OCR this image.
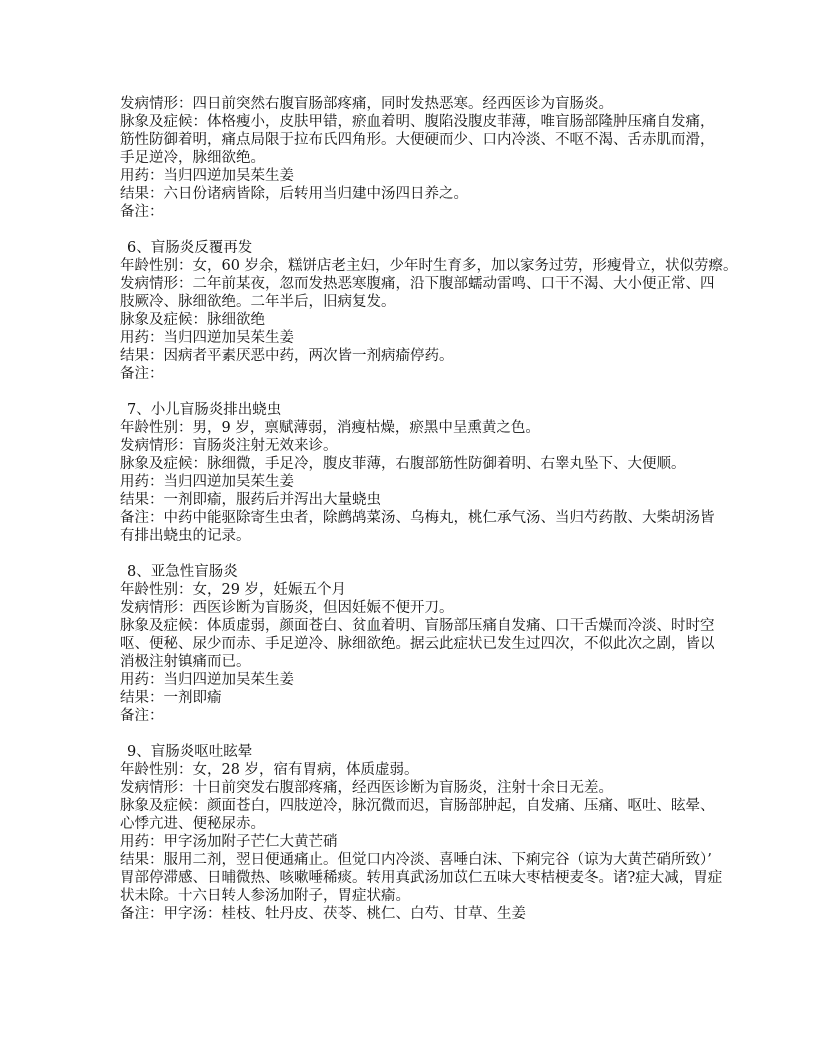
发病情形：四日前突然右腹盲肠部疼痛，同时发热恶寒。经西医诊为盲肠炎。
脉象及症候：体格瘦小，皮肤甲错，瘀血着明、腹陷没腹皮菲薄，唯盲肠部隆肿压痛自发痛，
筋性防御着明，痛点局限于拉布氏四角形。大便硬而少、口内冷淡、不呕不渴、舌赤肌而滑，
手足逆冷，脉细欲绝。
用药：当归四逆加吴茱生姜
结果：六日份诸病皆除，后转用当归建中汤四日养之。
备注：
6、盲肠炎反覆再发
年龄性别：女，60 岁余，糕饼店老主妇，少年时生育多，加以家务过劳，形瘦骨立，状似劳瘵。
发病情形：二年前某夜，忽而发热恶寒腹痛，沿下腹部蠕动雷鸣、口干不渴、大小便正常、四
肢厥冷、脉细欲绝。二年半后，旧病复发。
脉象及症候：脉细欲绝
用药：当归四逆加吴茱生姜
结果：因病者平素厌恶中药，两次皆一剂病瘉停药。
备注：
7、小儿盲肠炎排出蛲虫
年龄性别：男，9 岁，禀赋薄弱，消瘦枯燥，瘀黑中呈熏黄之色。
发病情形：盲肠炎注射无效来诊。
脉象及症候：脉细微，手足冷，腹皮菲薄，右腹部筋性防御着明、右睾丸坠下、大便顺。
用药：当归四逆加吴茱生姜
结果：一剂即瘉，服药后并泻出大量蛲虫
备注：中药中能驱除寄生虫者，除鹧鸪菜汤、乌梅丸，桃仁承气汤、当归芍药散、大柴胡汤皆
有排出蛲虫的记录。
8、亚急性盲肠炎
年龄性别：女，29 岁，妊娠五个月
发病情形：西医诊断为盲肠炎，但因妊娠不便开刀。
脉象及症候：体质虚弱，颜面苍白、贫血着明、盲肠部压痛自发痛、口干舌燥而冷淡、时时空
呕、便秘、尿少而赤、手足逆冷、脉细欲绝。据云此症状已发生过四次，不似此次之剧，皆以
消极注射镇痛而已。
用药：当归四逆加吴茱生姜
结果：一剂即瘉
备注：
9、盲肠炎呕吐眩晕
年龄性别：女，28 岁，宿有胃病，体质虚弱。
发病情形：十日前突发右腹部疼痛，经西医诊断为盲肠炎，注射十余日无差。
脉象及症候：颜面苍白，四肢逆冷，脉沉微而迟，盲肠部肿起，自发痛、压痛、呕吐、眩晕、
心悸亢进、便秘尿赤。
用药：甲字汤加附子芒仁大黄芒硝
结果：服用二剂，翌日便通痛止。但觉口内冷淡、喜唾白沫、下痢完谷（谅为大黄芒硝所致）’
胃部停滞感、日晡微热、咳嗽唾稀痰。转用真武汤加苡仁五味大枣桔梗麦冬。诸?症大减，胃症
状未除。十六日转人参汤加附子，胃症状瘉。
备注：甲字汤：桂枝、牡丹皮、茯苓、桃仁、白芍、甘草、生姜
